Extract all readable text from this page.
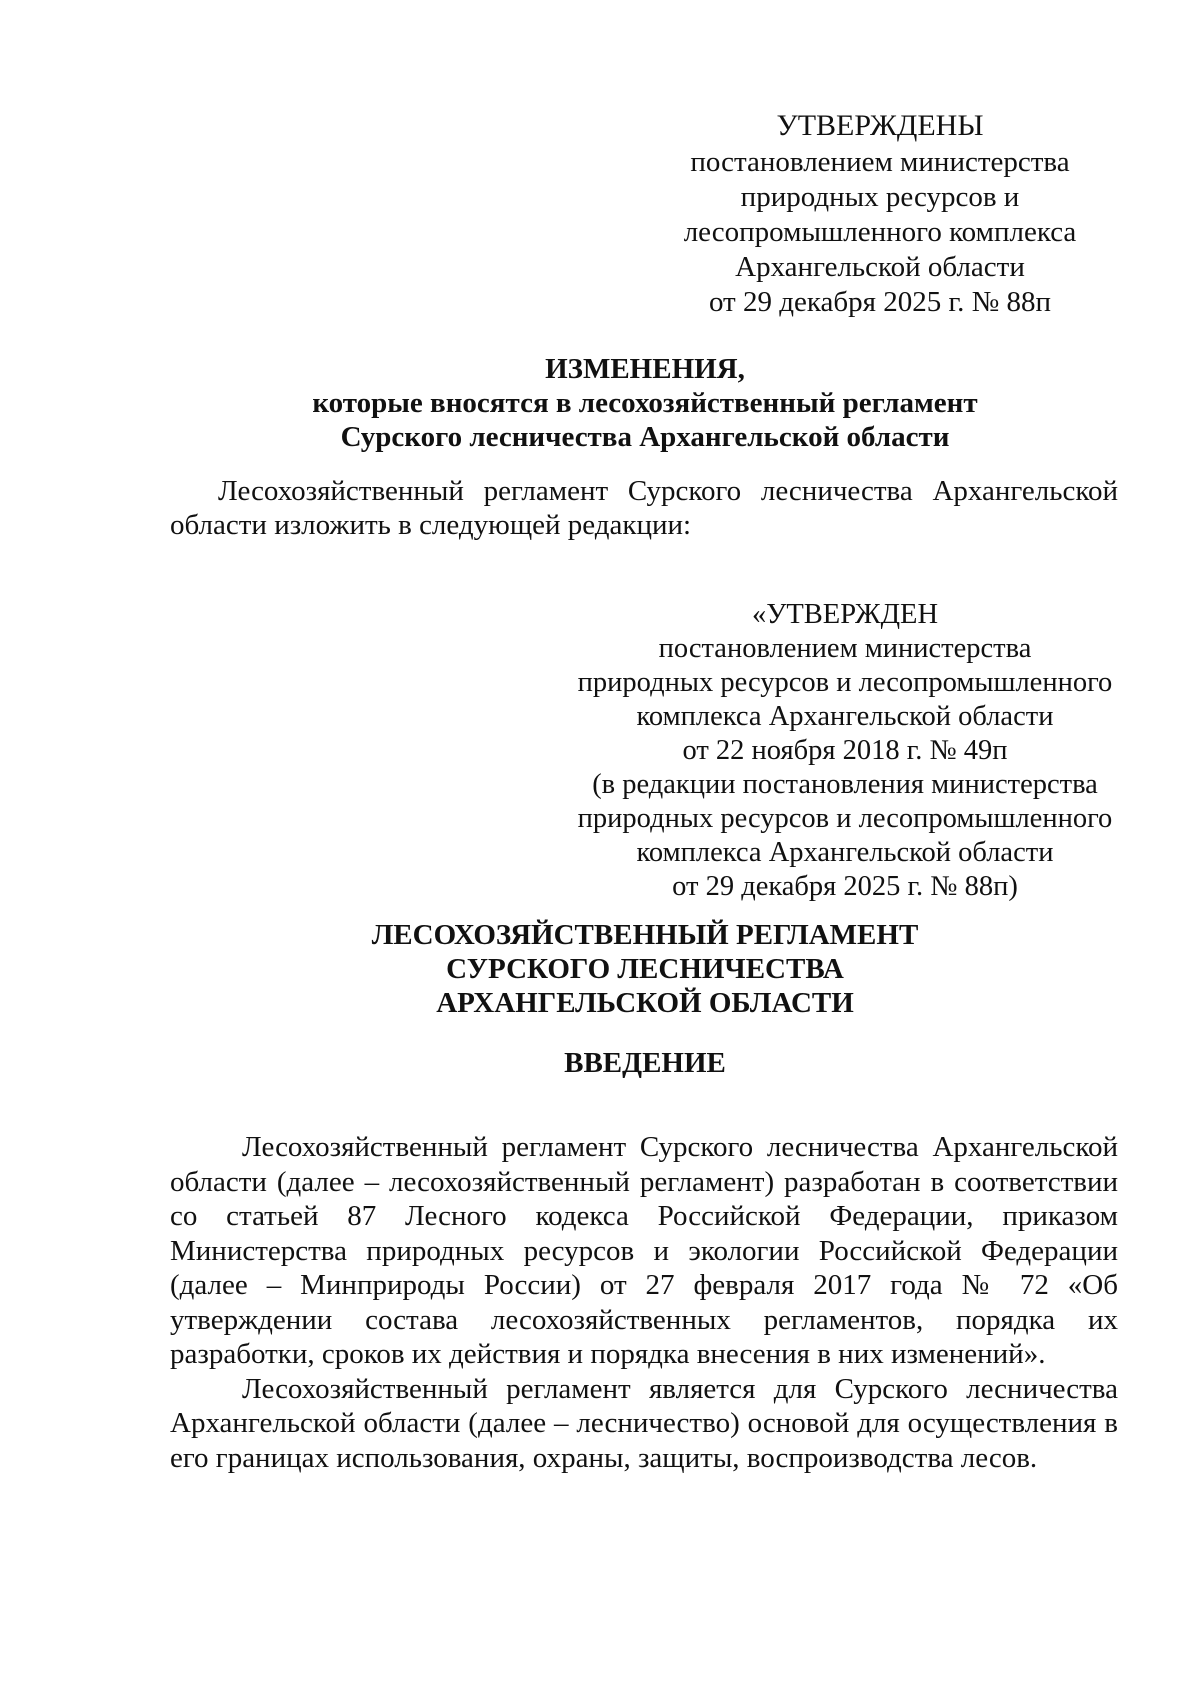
УТВЕРЖДЕНЫ
постановлением министерства
природных ресурсов и
лесопромышленного комплекса
Архангельской области
от 29 декабря 2025 г. № 88п
ИЗМЕНЕНИЯ,
которые вносятся в лесохозяйственный регламент
Сурского лесничества Архангельской области

Лесохозяйственный регламент Сурского лесничества Архангельской области изложить в следующей редакции:

«УТВЕРЖДЕН
постановлением министерства
природных ресурсов и лесопромышленного
комплекса Архангельской области
от 22 ноября 2018 г. № 49п
(в редакции постановления министерства
природных ресурсов и лесопромышленного
комплекса Архангельской области
от 29 декабря 2025 г. № 88п)
ЛЕСОХОЗЯЙСТВЕННЫЙ РЕГЛАМЕНТ
СУРСКОГО ЛЕСНИЧЕСТВА
АРХАНГЕЛЬСКОЙ ОБЛАСТИ
ВВЕДЕНИЕ

Лесохозяйственный регламент Сурского лесничества Архангельской области (далее – лесохозяйственный регламент) разработан в соответствии со статьей 87 Лесного кодекса Российской Федерации, приказом Министерства природных ресурсов и экологии Российской Федерации (далее – Минприроды России) от 27 февраля 2017 года № 72 «Об утверждении состава лесохозяйственных регламентов, порядка их разработки, сроков их действия и порядка внесения в них изменений».

Лесохозяйственный регламент является для Сурского лесничества Архангельской области (далее – лесничество) основой для осуществления в его границах использования, охраны, защиты, воспроизводства лесов.
